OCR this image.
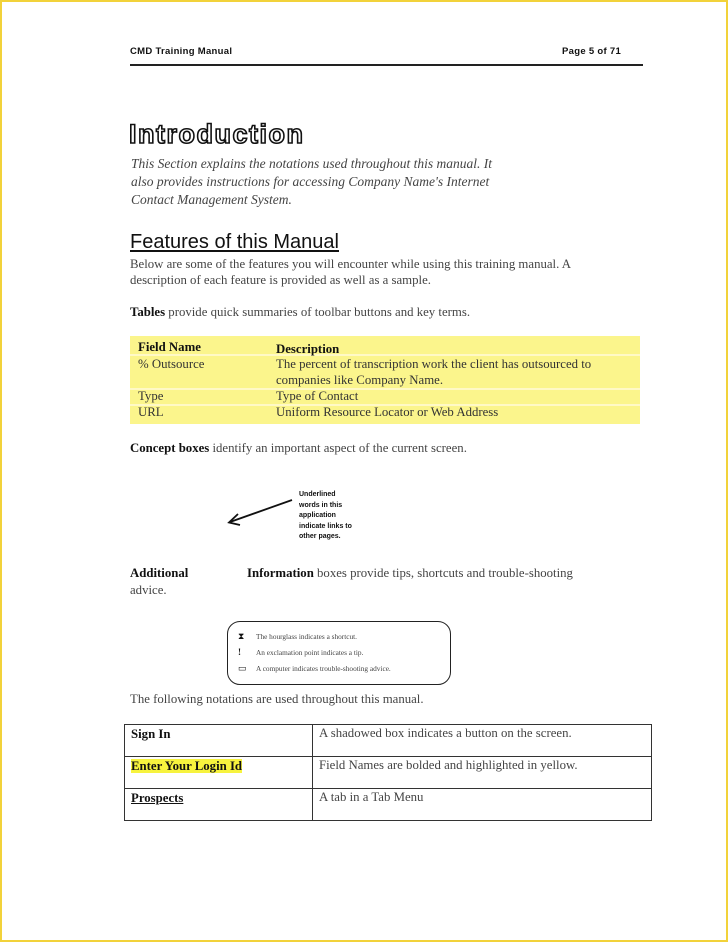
CMD Training Manual	Page 5 of 71
Introduction
This Section explains the notations used throughout this manual. It
also provides instructions for accessing Company Name's Internet
Contact Management System.
Features of this Manual
Below are some of the features you will encounter while using this training manual. A
description of each feature is provided as well as a sample.
Tables provide quick summaries of toolbar buttons and key terms.
Field Name	Description
% Outsource	The percent of transcription work the client has outsourced to
companies like Company Name.
Type	Type of Contact
URL	Uniform Resource Locator or Web Address
Concept boxes identify an important aspect of the current screen.
Underlined
words in this
application
indicate links to
other pages.
Additional	Information boxes provide tips, shortcuts and trouble-shooting
advice.
⧗ The hourglass indicates a shortcut.
! An exclamation point indicates a tip.
▭ A computer indicates trouble-shooting advice.
The following notations are used throughout this manual.
Sign In	A shadowed box indicates a button on the screen.
Enter Your Login Id	Field Names are bolded and highlighted in yellow.
Prospects	A tab in a Tab Menu
